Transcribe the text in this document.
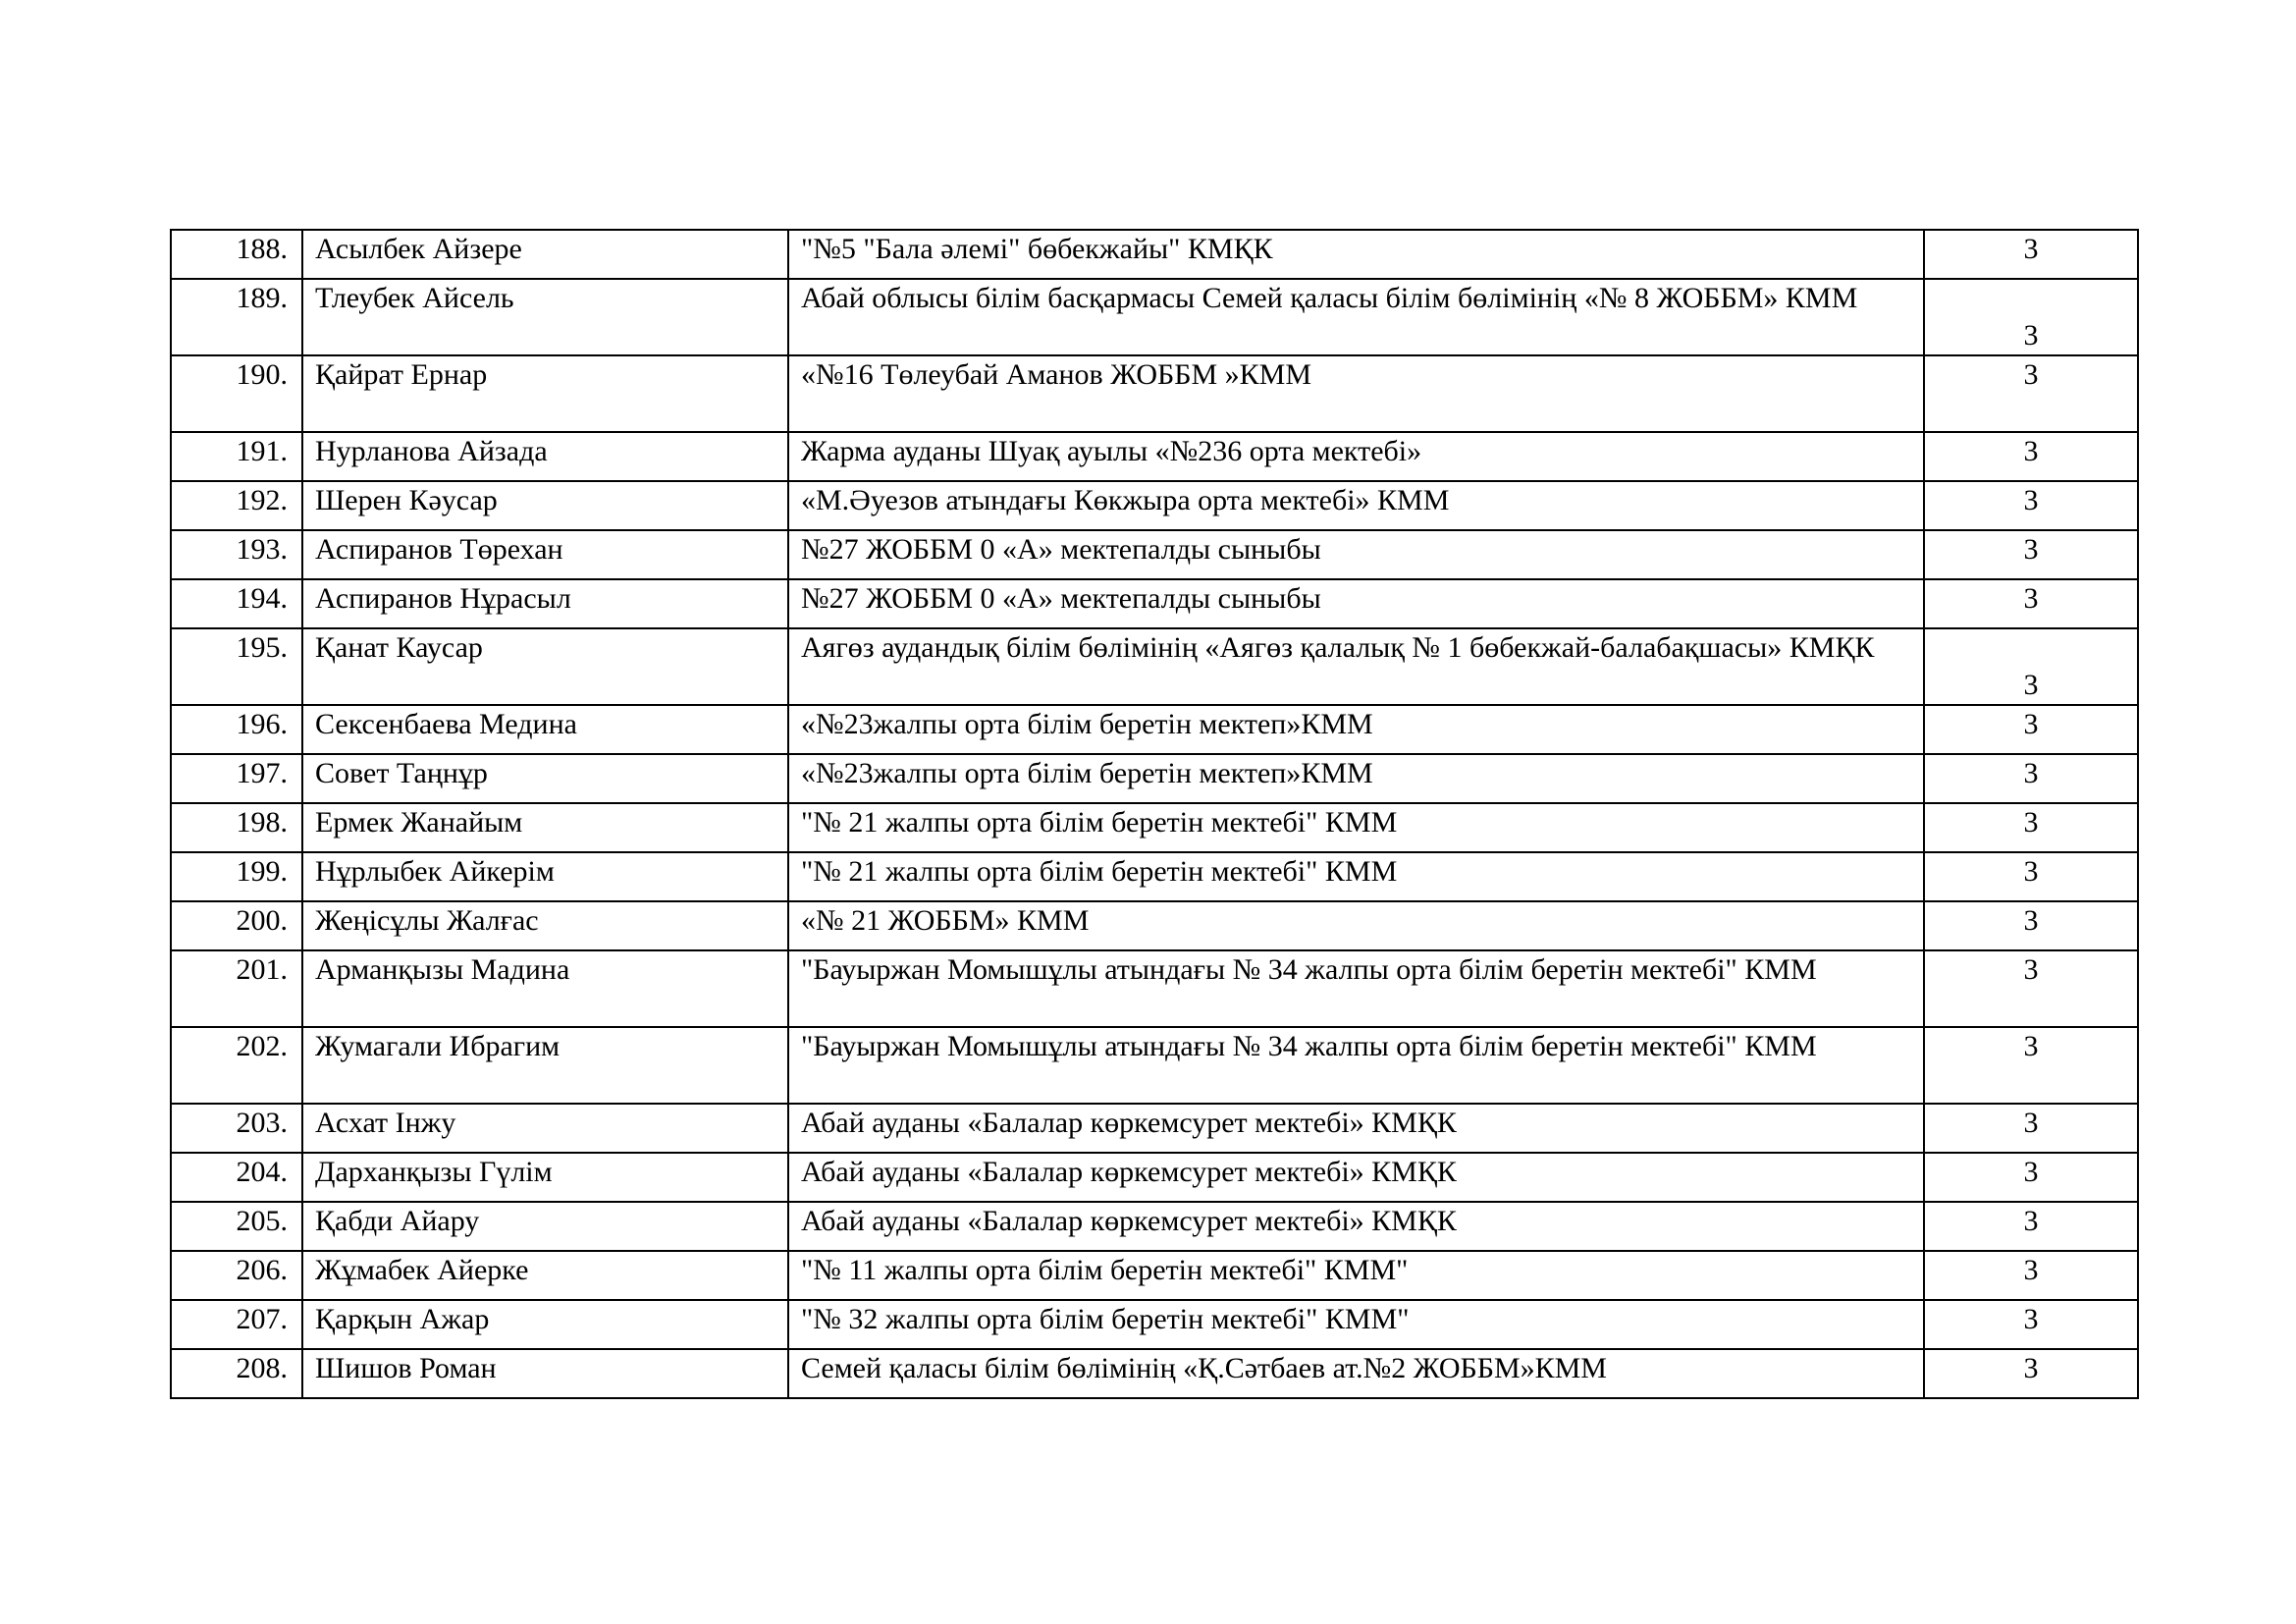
188.	Асылбек Айзере	"№5 "Бала әлемі" бөбекжайы" КМҚК	3
189.	Тлеубек Айсель	Абай облысы білім басқармасы Семей қаласы білім бөлімінің «№ 8 ЖОББМ» КММ	3
190.	Қайрат Ернар	«№16 Төлеубай Аманов ЖОББМ »КММ	3
191.	Нурланова Айзада	Жарма ауданы Шуақ ауылы «№236 орта мектебі»	3
192.	Шерен Кәусар	«М.Әуезов атындағы Көкжыра орта мектебі» КММ	3
193.	Аспиранов Төрехан	№27 ЖОББМ 0 «А» мектепалды сыныбы	3
194.	Аспиранов Нұрасыл	№27 ЖОББМ 0 «А» мектепалды сыныбы	3
195.	Қанат Каусар	Аягөз аудандық білім бөлімінің «Аягөз қалалық № 1 бөбекжай-балабақшасы» КМҚК	3
196.	Сексенбаева Медина	«№23жалпы орта білім беретін мектеп»КММ	3
197.	Совет Таңнұр	«№23жалпы орта білім беретін мектеп»КММ	3
198.	Ермек Жанайым	"№ 21 жалпы орта білім беретін мектебі" КММ	3
199.	Нұрлыбек Айкерім	"№ 21 жалпы орта білім беретін мектебі" КММ	3
200.	Жеңісұлы Жалғас	«№ 21 ЖОББМ» КММ	3
201.	Арманқызы Мадина	"Бауыржан Момышұлы атындағы № 34 жалпы орта білім беретін мектебі" КММ	3
202.	Жумагали Ибрагим	"Бауыржан Момышұлы атындағы № 34 жалпы орта білім беретін мектебі" КММ	3
203.	Асхат Інжу	Абай ауданы «Балалар көркемсурет мектебі» КМҚК	3
204.	Дарханқызы Гүлім	Абай ауданы «Балалар көркемсурет мектебі» КМҚК	3
205.	Қабди Айару	Абай ауданы «Балалар көркемсурет мектебі» КМҚК	3
206.	Жұмабек Айерке	"№ 11 жалпы орта білім беретін мектебі" КММ"	3
207.	Қарқын Ажар	"№ 32 жалпы орта білім беретін мектебі" КММ"	3
208.	Шишов Роман	Семей қаласы білім бөлімінің «Қ.Сәтбаев ат.№2 ЖОББМ»КММ	3
